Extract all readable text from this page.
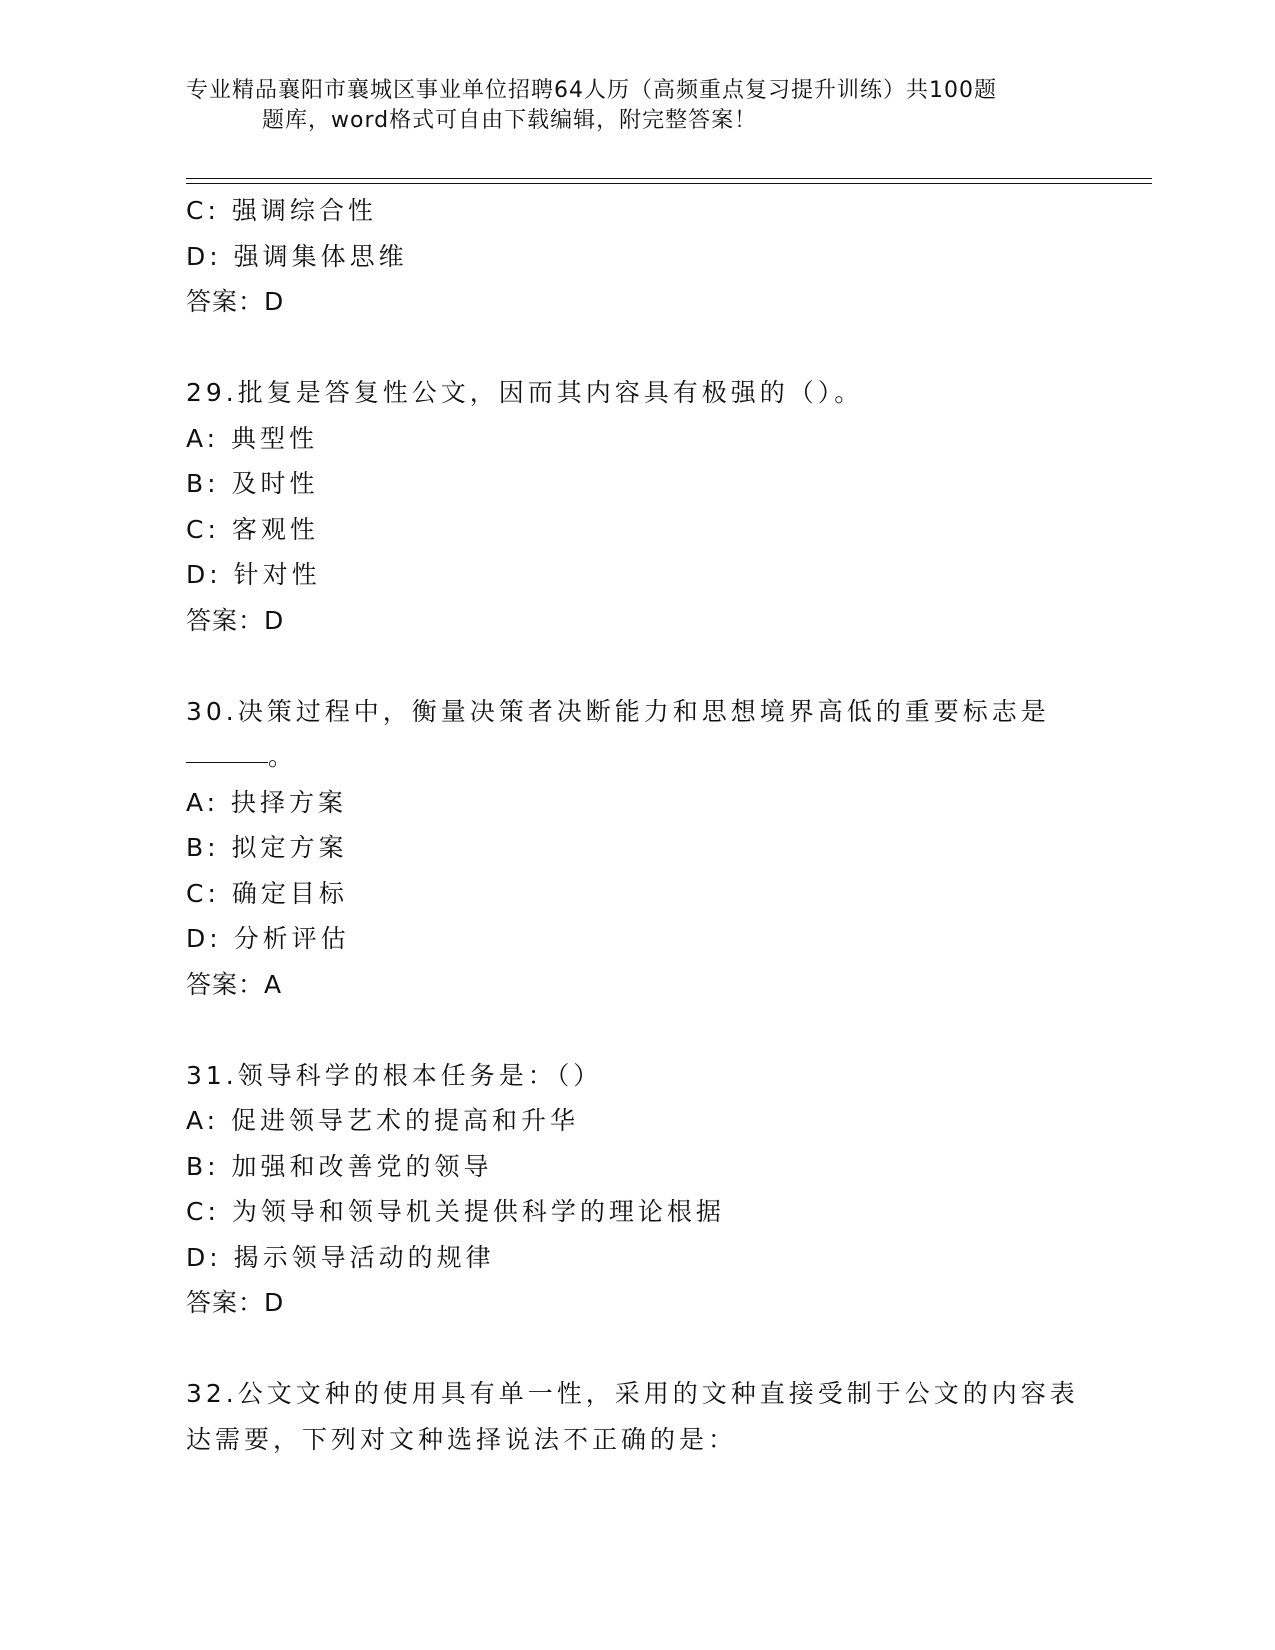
专业精品襄阳市襄城区事业单位招聘64人历（高频重点复习提升训练）共100题
题库，word格式可自由下载编辑，附完整答案！
C: 强调综合性
D: 强调集体思维
答案：D
29.批复是答复性公文，因而其内容具有极强的（）。
A: 典型性
B: 及时性
C: 客观性
D: 针对性
答案：D
30.决策过程中，衡量决策者决断能力和思想境界高低的重要标志是
。
A: 抉择方案
B: 拟定方案
C: 确定目标
D: 分析评估
答案：A
31.领导科学的根本任务是：（）
A: 促进领导艺术的提高和升华
B: 加强和改善党的领导
C: 为领导和领导机关提供科学的理论根据
D: 揭示领导活动的规律
答案：D
32.公文文种的使用具有单一性，采用的文种直接受制于公文的内容表
达需要，下列对文种选择说法不正确的是：
